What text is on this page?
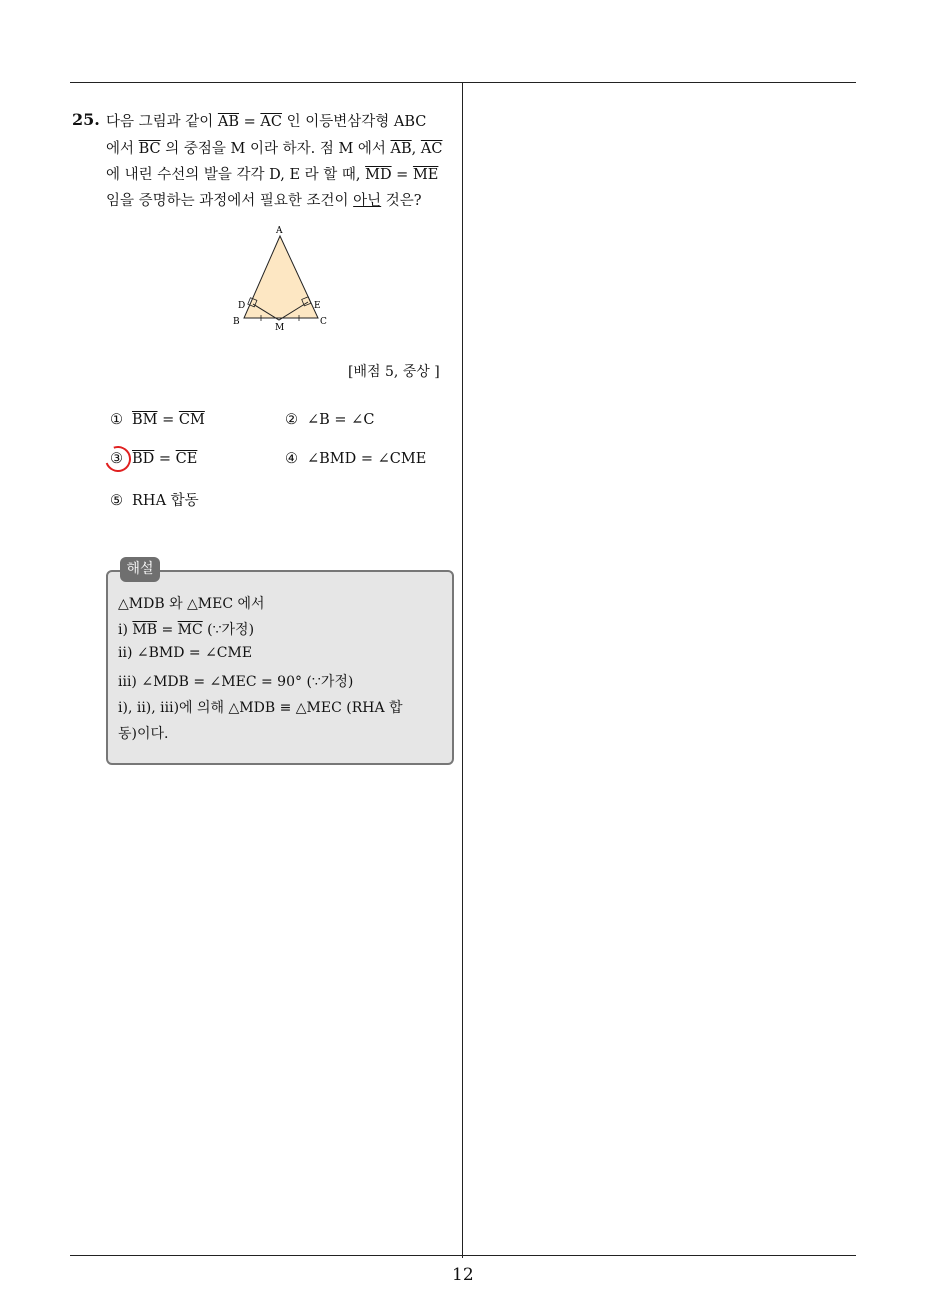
25. 다음 그림과 같이 $\overline{AB} = \overline{AC}$ 인 이등변삼각형 ABC
에서 $\overline{BC}$ 의 중점을 M 이라 하자. 점 M 에서 $\overline{AB}$, $\overline{AC}$
에 내린 수선의 발을 각각 D, E 라 할 때, $\overline{MD} = \overline{ME}$
임을 증명하는 과정에서 필요한 조건이 아닌 것은?
A
B	C
D	E
M
[배점 5, 중상 ]
① $\overline{BM} = \overline{CM}$	② ∠B = ∠C
③ $\overline{BD} = \overline{CE}$	④ ∠BMD = ∠CME
⑤ RHA 합동
해설
△MDB 와 △MEC 에서
ⅰ) $\overline{MB} = \overline{MC}$ (∵가정)
ⅱ) ∠BMD = ∠CME
ⅲ) ∠MDB = ∠MEC = 90° (∵가정)
ⅰ), ⅱ), ⅲ)에 의해 △MDB ≡ △MEC (RHA 합
동)이다.
12
